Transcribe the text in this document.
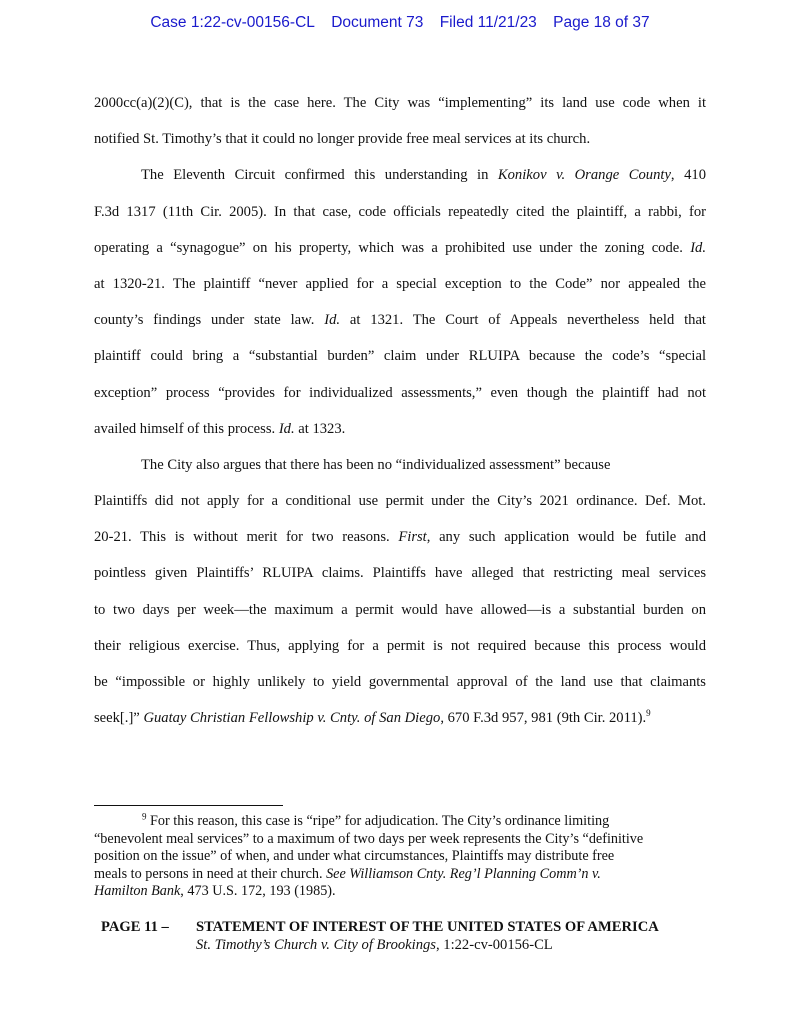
Case 1:22-cv-00156-CL Document 73 Filed 11/21/23 Page 18 of 37
2000cc(a)(2)(C), that is the case here. The City was “implementing” its land use code when it
notified St. Timothy’s that it could no longer provide free meal services at its church.
The Eleventh Circuit confirmed this understanding in Konikov v. Orange County, 410
F.3d 1317 (11th Cir. 2005). In that case, code officials repeatedly cited the plaintiff, a rabbi, for
operating a “synagogue” on his property, which was a prohibited use under the zoning code. Id.
at 1320-21. The plaintiff “never applied for a special exception to the Code” nor appealed the
county’s findings under state law. Id. at 1321. The Court of Appeals nevertheless held that
plaintiff could bring a “substantial burden” claim under RLUIPA because the code’s “special
exception” process “provides for individualized assessments,” even though the plaintiff had not
availed himself of this process. Id. at 1323.
The City also argues that there has been no “individualized assessment” because
Plaintiffs did not apply for a conditional use permit under the City’s 2021 ordinance. Def. Mot.
20-21. This is without merit for two reasons. First, any such application would be futile and
pointless given Plaintiffs’ RLUIPA claims. Plaintiffs have alleged that restricting meal services
to two days per week—the maximum a permit would have allowed—is a substantial burden on
their religious exercise. Thus, applying for a permit is not required because this process would
be “impossible or highly unlikely to yield governmental approval of the land use that claimants
seek[.]” Guatay Christian Fellowship v. Cnty. of San Diego, 670 F.3d 957, 981 (9th Cir. 2011).$^9$
$^9$ For this reason, this case is “ripe” for adjudication. The City’s ordinance limiting
“benevolent meal services” to a maximum of two days per week represents the City’s “definitive
position on the issue” of when, and under what circumstances, Plaintiffs may distribute free
meals to persons in need at their church. See Williamson Cnty. Reg’l Planning Comm’n v.
Hamilton Bank, 473 U.S. 172, 193 (1985).
PAGE 11 – STATEMENT OF INTEREST OF THE UNITED STATES OF AMERICA
St. Timothy’s Church v. City of Brookings, 1:22-cv-00156-CL
